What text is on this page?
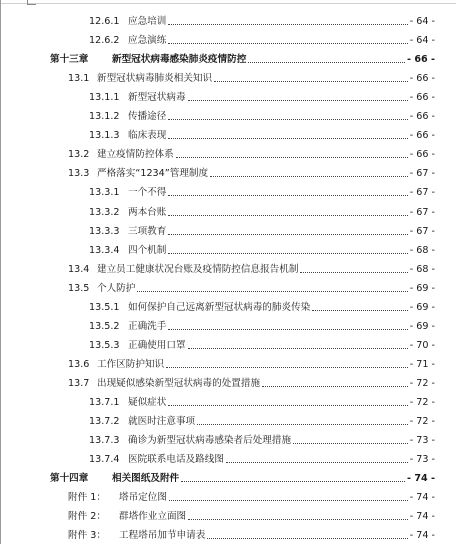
12.6.1 应急培训	- 64 -
12.6.2 应急演练	- 64 -
第十三章	新型冠状病毒感染肺炎疫情防控	- 66 -
13.1 新型冠状病毒肺炎相关知识	- 66 -
13.1.1 新型冠状病毒	- 66 -
13.1.2 传播途径	- 66 -
13.1.3 临床表现	- 66 -
13.2 建立疫情防控体系	- 66 -
13.3 严格落实“1234”管理制度	- 67 -
13.3.1 一个不得	- 67 -
13.3.2 两本台账	- 67 -
13.3.3 三项教育	- 67 -
13.3.4 四个机制	- 68 -
13.4 建立员工健康状况台账及疫情防控信息报告机制	- 68 -
13.5 个人防护	- 69 -
13.5.1 如何保护自己远离新型冠状病毒的肺炎传染	- 69 -
13.5.2 正确洗手	- 69 -
13.5.3 正确使用口罩	- 70 -
13.6 工作区防护知识	- 71 -
13.7 出现疑似感染新型冠状病毒的处置措施	- 72 -
13.7.1 疑似症状	- 72 -
13.7.2 就医时注意事项	- 72 -
13.7.3 确诊为新型冠状病毒感染者后处理措施	- 73 -
13.7.4 医院联系电话及路线图	- 73 -
第十四章	相关图纸及附件	- 74 -
附件 1：	塔吊定位图	- 74 -
附件 2：	群塔作业立面图	- 74 -
附件 3：	工程塔吊加节申请表	- 74 -
